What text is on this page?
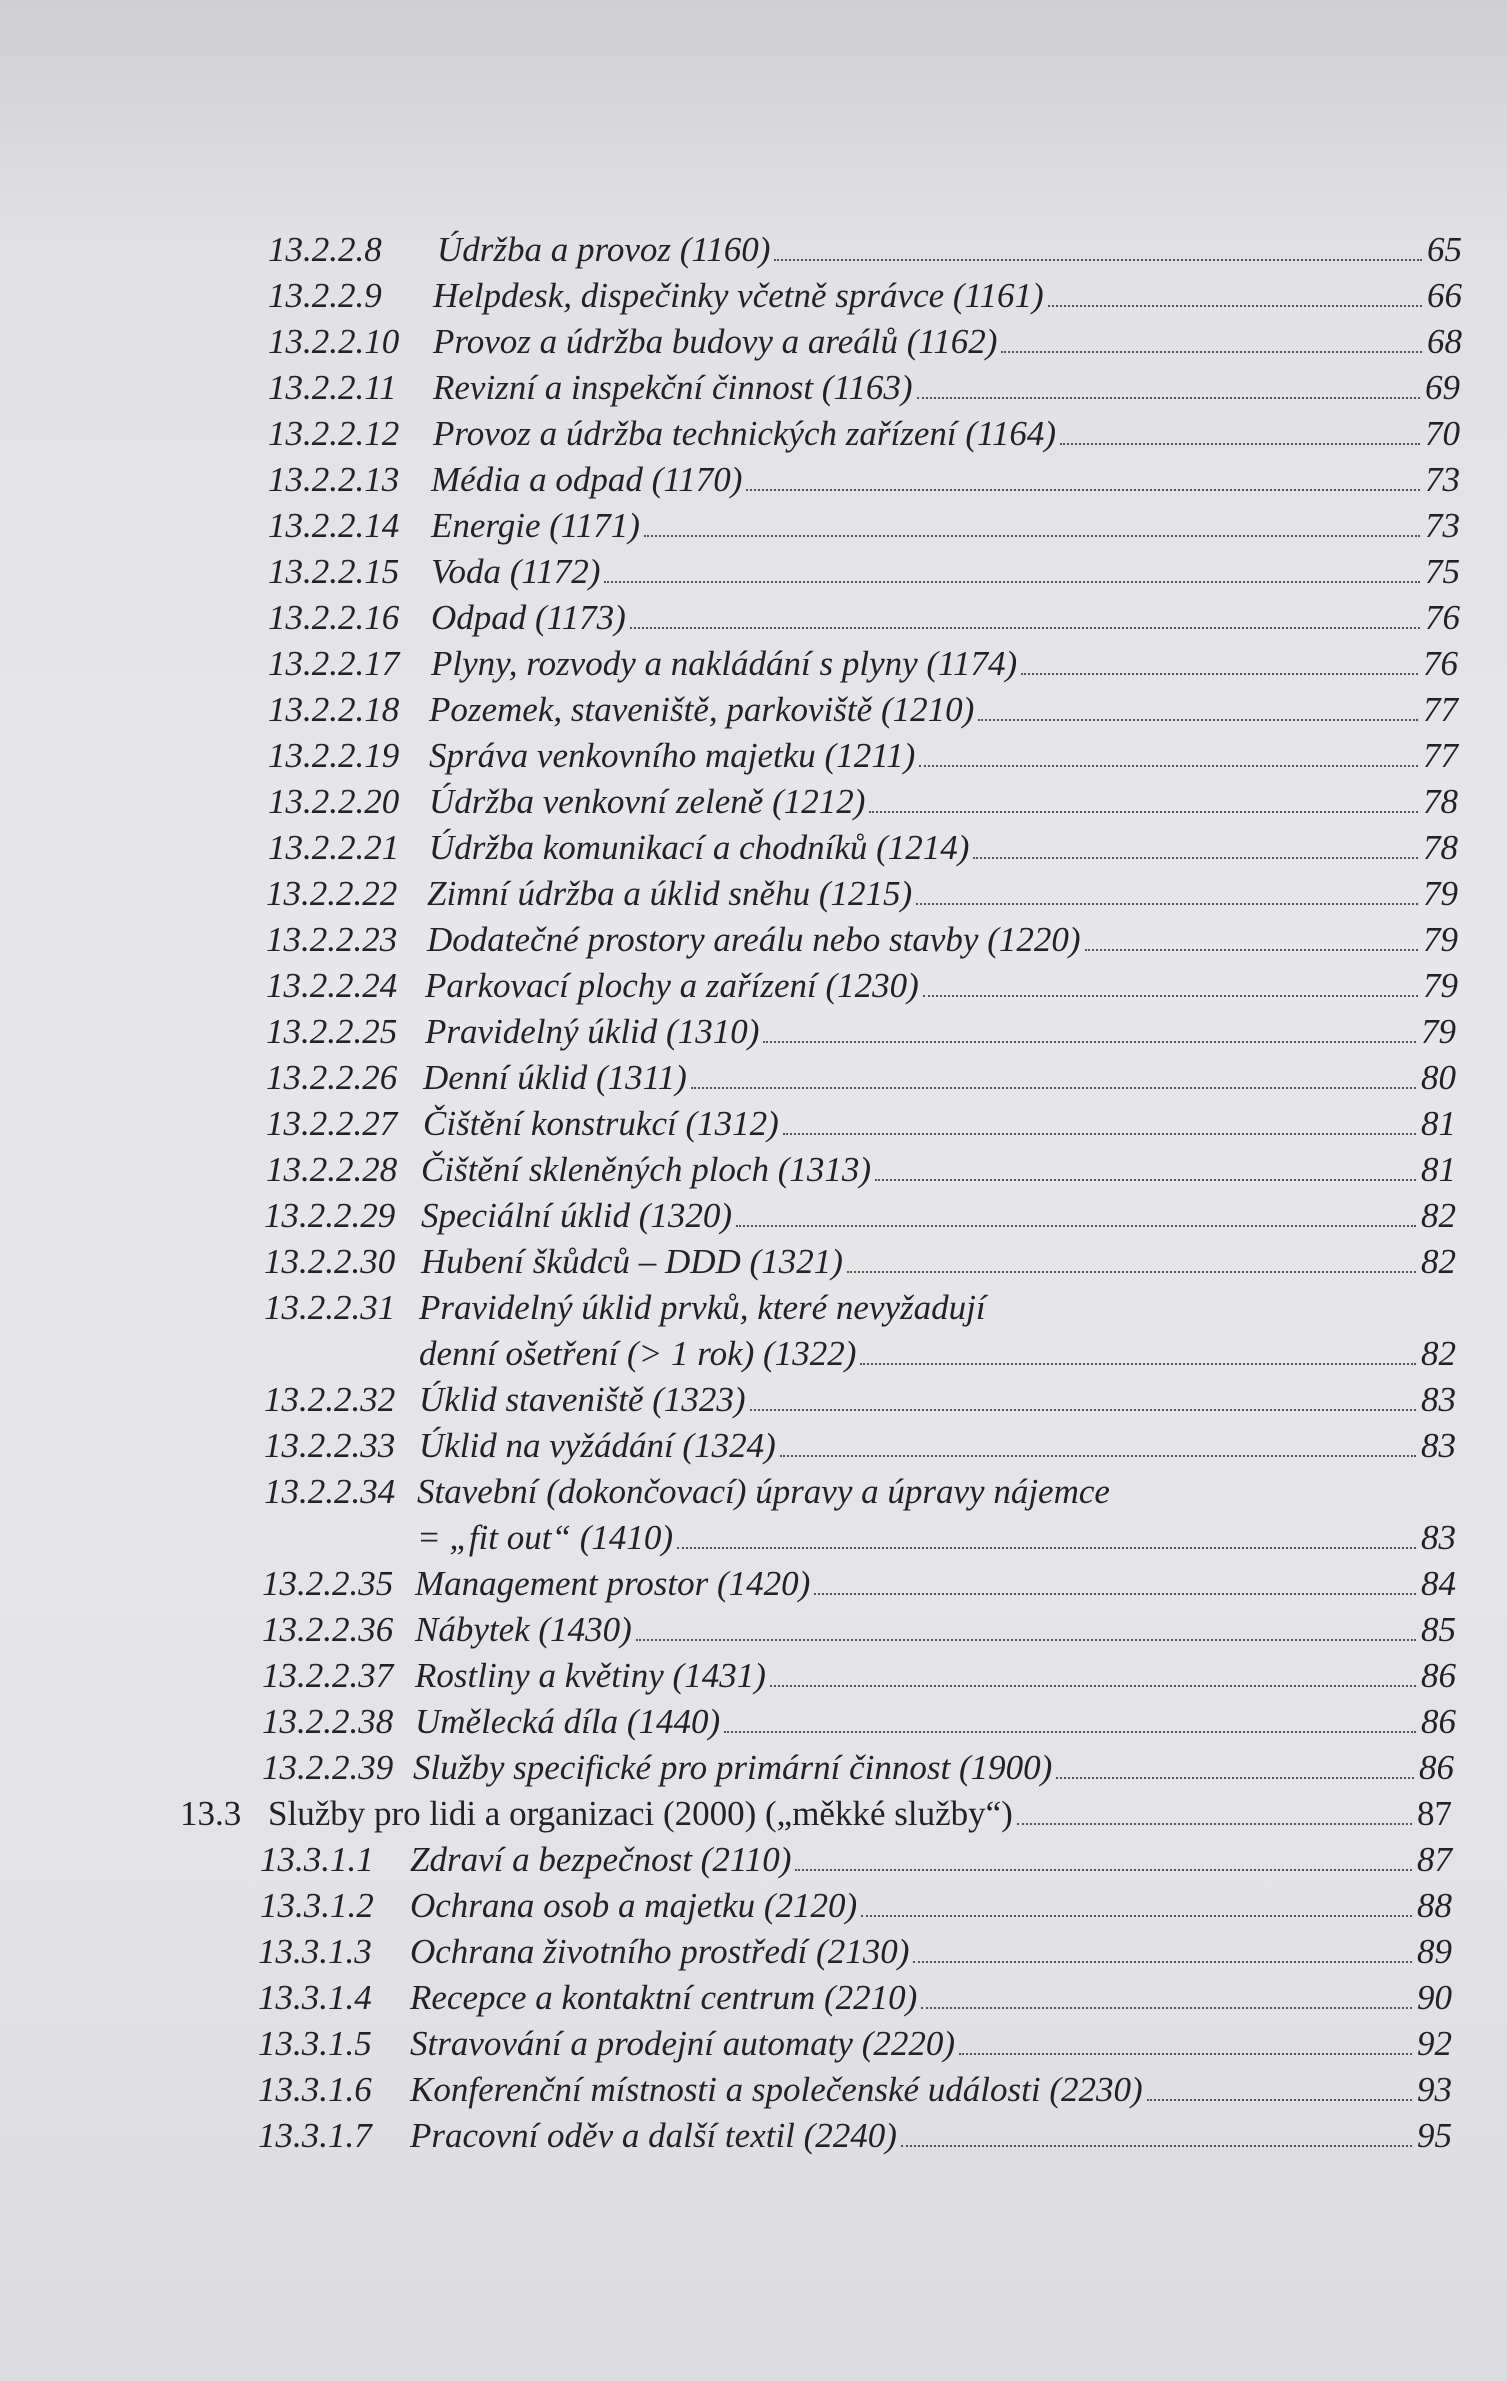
13.2.2.8 Údržba a provoz (1160)	65
13.2.2.9 Helpdesk, dispečinky včetně správce (1161)	66
13.2.2.10 Provoz a údržba budovy a areálů (1162)	68
13.2.2.11 Revizní a inspekční činnost (1163)	69
13.2.2.12 Provoz a údržba technických zařízení (1164)	70
13.2.2.13 Média a odpad (1170)	73
13.2.2.14 Energie (1171)	73
13.2.2.15 Voda (1172)	75
13.2.2.16 Odpad (1173)	76
13.2.2.17 Plyny, rozvody a nakládání s plyny (1174)	76
13.2.2.18 Pozemek, staveniště, parkoviště (1210)	77
13.2.2.19 Správa venkovního majetku (1211)	77
13.2.2.20 Údržba venkovní zeleně (1212)	78
13.2.2.21 Údržba komunikací a chodníků (1214)	78
13.2.2.22 Zimní údržba a úklid sněhu (1215)	79
13.2.2.23 Dodatečné prostory areálu nebo stavby (1220)	79
13.2.2.24 Parkovací plochy a zařízení (1230)	79
13.2.2.25 Pravidelný úklid (1310)	79
13.2.2.26 Denní úklid (1311)	80
13.2.2.27 Čištění konstrukcí (1312)	81
13.2.2.28 Čištění skleněných ploch (1313)	81
13.2.2.29 Speciální úklid (1320)	82
13.2.2.30 Hubení škůdců – DDD (1321)	82
13.2.2.31 Pravidelný úklid prvků, které nevyžadují
denní ošetření (> 1 rok) (1322)	82
13.2.2.32 Úklid staveniště (1323)	83
13.2.2.33 Úklid na vyžádání (1324)	83
13.2.2.34 Stavební (dokončovací) úpravy a úpravy nájemce
= „fit out“ (1410)	83
13.2.2.35 Management prostor (1420)	84
13.2.2.36 Nábytek (1430)	85
13.2.2.37 Rostliny a květiny (1431)	86
13.2.2.38 Umělecká díla (1440)	86
13.2.2.39 Služby specifické pro primární činnost (1900)	86
13.3 Služby pro lidi a organizaci (2000) („měkké služby“)	87
13.3.1.1 Zdraví a bezpečnost (2110)	87
13.3.1.2 Ochrana osob a majetku (2120)	88
13.3.1.3 Ochrana životního prostředí (2130)	89
13.3.1.4 Recepce a kontaktní centrum (2210)	90
13.3.1.5 Stravování a prodejní automaty (2220)	92
13.3.1.6 Konferenční místnosti a společenské události (2230)	93
13.3.1.7 Pracovní oděv a další textil (2240)	95
